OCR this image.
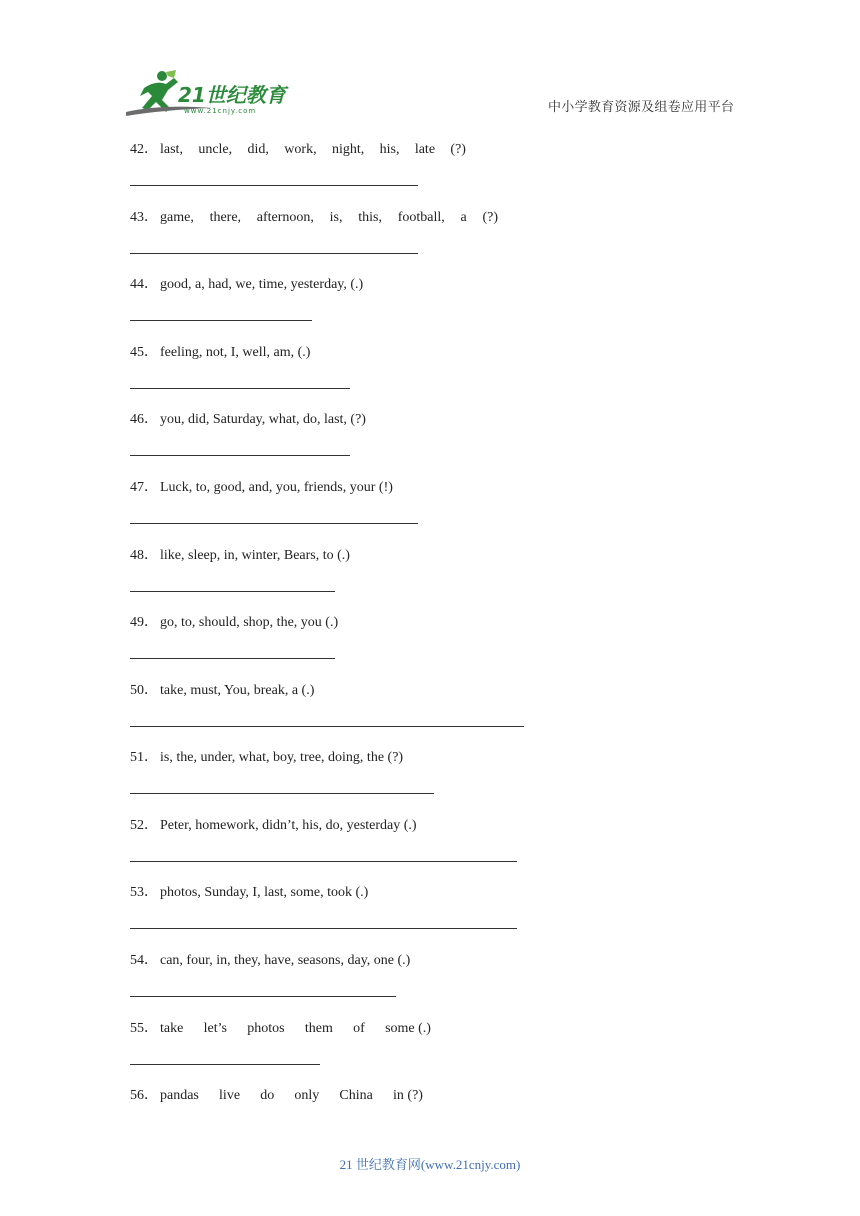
21世纪教育
www.21cnjy.com	中小学教育资源及组卷应用平台
42． last, uncle, did, work, night, his, late (?)
43． game, there, afternoon, is, this, football, a (?)
44． good, a, had, we, time, yesterday, (.)
45． feeling, not, I, well, am, (.)
46． you, did, Saturday, what, do, last, (?)
47． Luck, to, good, and, you, friends, your (!)
48． like, sleep, in, winter, Bears, to (.)
49． go, to, should, shop, the, you (.)
50． take, must, You, break, a (.)
51． is, the, under, what, boy, tree, doing, the (?)
52． Peter, homework, didn’t, his, do, yesterday (.)
53． photos, Sunday, I, last, some, took (.)
54． can, four, in, they, have, seasons, day, one (.)
55． take let’s photos them of some (.)
56． pandas live do only China in (?)
21 世纪教育网(www.21cnjy.com)
